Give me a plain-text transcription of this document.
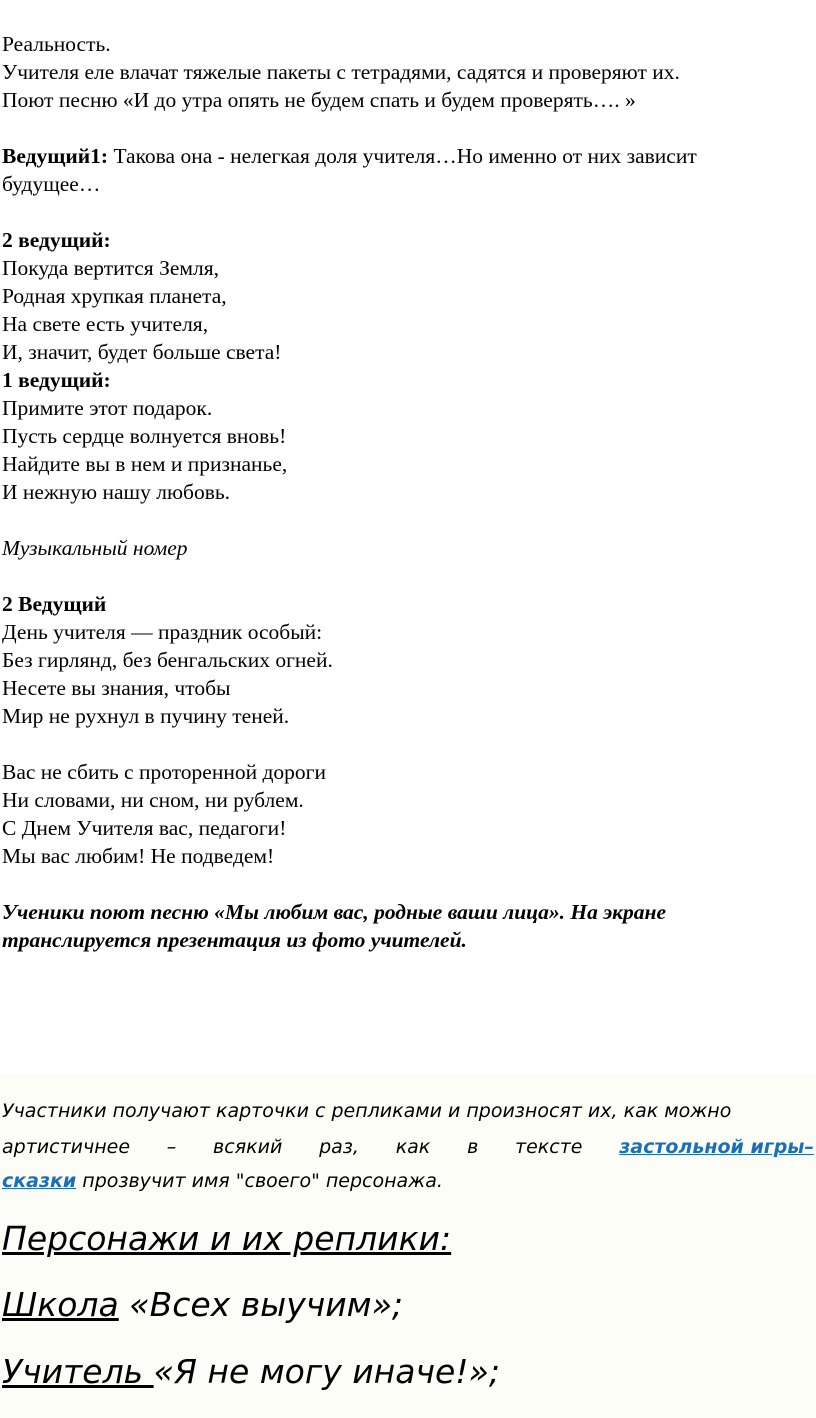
Реальность.

Учителя еле влачат тяжелые пакеты с тетрадями, садятся и проверяют их.

Поют песню «И до утра опять не будем спать и будем проверять…. »

Ведущий1: Такова она - нелегкая доля учителя…Но именно от них зависит

будущее…

2 ведущий:

Покуда вертится Земля,

Родная хрупкая планета,

На свете есть учителя,

И, значит, будет больше света!

1 ведущий:

Примите этот подарок.

Пусть сердце волнуется вновь!

Найдите вы в нем и признанье,

И нежную нашу любовь.

Музыкальный номер

2 Ведущий

День учителя — праздник особый:

Без гирлянд, без бенгальских огней.

Несете вы знания, чтобы

Мир не рухнул в пучину теней.

Вас не сбить с проторенной дороги

Ни словами, ни сном, ни рублем.

С Днем Учителя вас, педагоги!

Мы вас любим! Не подведем!

Ученики поют песню «Мы любим вас, родные ваши лица». На экране

транслируется презентация из фото учителей.

Участники получают карточки с репликами и произносят их, как можно

артистичнее – всякий раз, как в тексте застольной игры–

сказки прозвучит имя "своего" персонажа.

Персонажи и их реплики:

Школа «Всех выучим»;

Учитель «Я не могу иначе!»;
